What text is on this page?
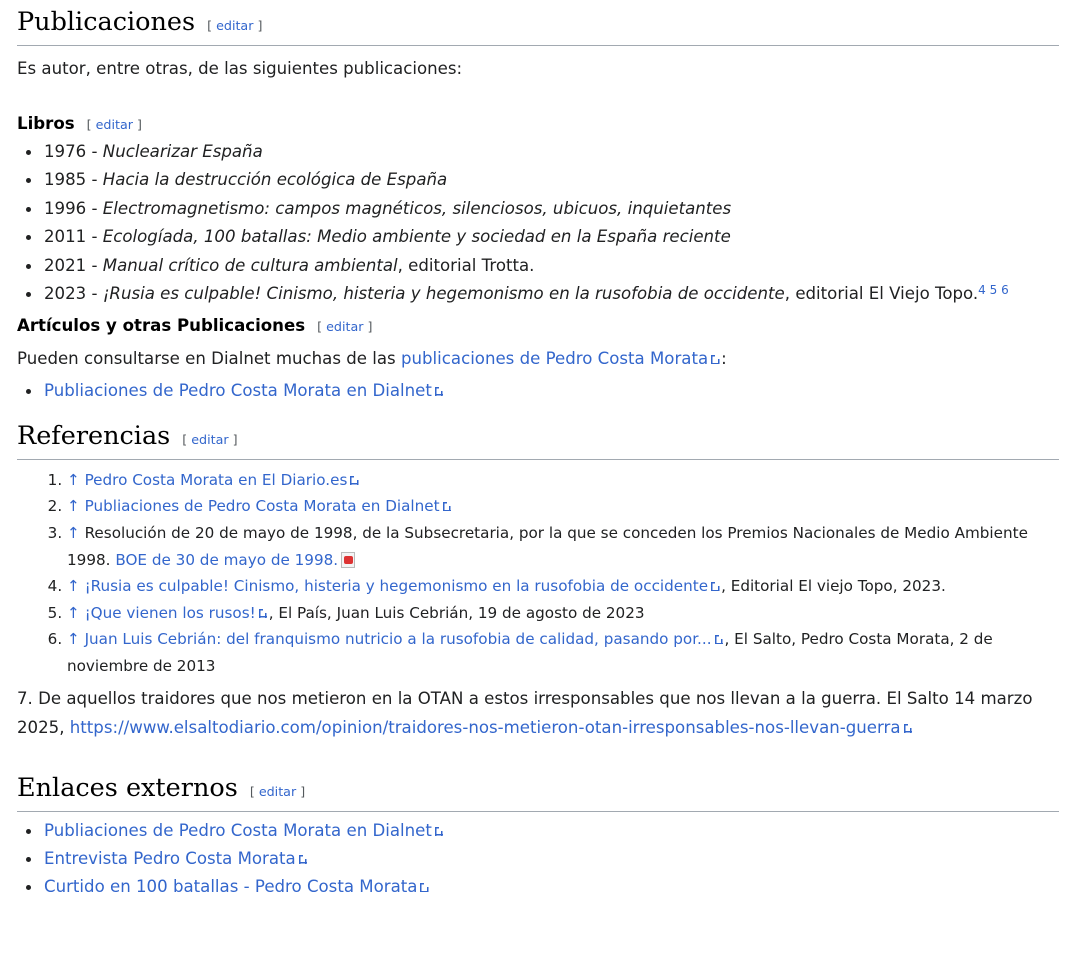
Publicaciones [ editar ]

Es autor, entre otras, de las siguientes publicaciones:

Libros [ editar ]
1976 - Nuclearizar España
1985 - Hacia la destrucción ecológica de España
1996 - Electromagnetismo: campos magnéticos, silenciosos, ubicuos, inquietantes
2011 - Ecologíada, 100 batallas: Medio ambiente y sociedad en la España reciente
2021 - Manual crítico de cultura ambiental, editorial Trotta.
2023 - ¡Rusia es culpable! Cinismo, histeria y hegemonismo en la rusofobia de occidente, editorial El Viejo Topo.$^{4 5 6}$
Artículos y otras Publicaciones [ editar ]

Pueden consultarse en Dialnet muchas de las publicaciones de Pedro Costa Morata :

Publiaciones de Pedro Costa Morata en Dialnet
Referencias [ editar ]
1. ↑ Pedro Costa Morata en El Diario.es
2. ↑ Publiaciones de Pedro Costa Morata en Dialnet
3. ↑ Resolución de 20 de mayo de 1998, de la Subsecretaria, por la que se conceden los Premios Nacionales de Medio Ambiente 1998. BOE de 30 de mayo de 1998.
4. ↑ ¡Rusia es culpable! Cinismo, histeria y hegemonismo en la rusofobia de occidente , Editorial El viejo Topo, 2023.
5. ↑ ¡Que vienen los rusos! , El País, Juan Luis Cebrián, 19 de agosto de 2023
6. ↑ Juan Luis Cebrián: del franquismo nutricio a la rusofobia de calidad, pasando por... , El Salto, Pedro Costa Morata, 2 de noviembre de 2013

7. De aquellos traidores que nos metieron en la OTAN a estos irresponsables que nos llevan a la guerra. El Salto 14 marzo 2025, https://www.elsaltodiario.com/opinion/traidores-nos-metieron-otan-irresponsables-nos-llevan-guerra

Enlaces externos [ editar ]
Publiaciones de Pedro Costa Morata en Dialnet
Entrevista Pedro Costa Morata
Curtido en 100 batallas - Pedro Costa Morata
